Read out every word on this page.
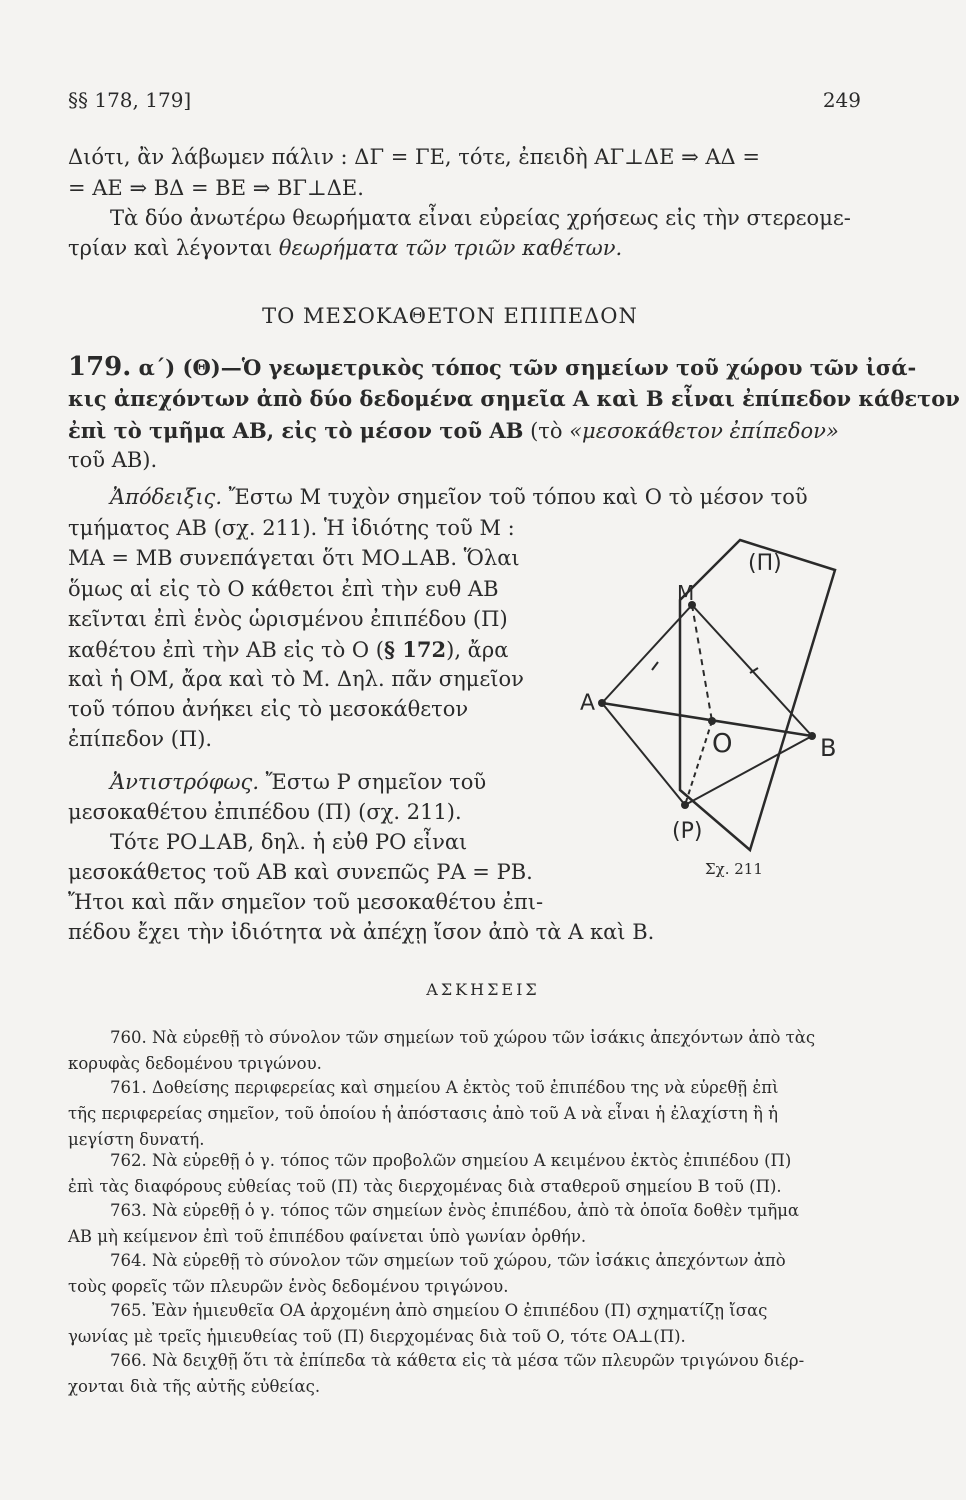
§§ 178, 179]	249
Διότι, ἂν λάβωμεν πάλιν : ΔΓ = ΓΕ, τότε, ἐπειδὴ ΑΓ⊥ΔΕ ⇒ ΑΔ =
= ΑΕ ⇒ ΒΔ = ΒΕ ⇒ ΒΓ⊥ΔΕ.
Τὰ δύο ἀνωτέρω θεωρήματα εἶναι εὐρείας χρήσεως εἰς τὴν στερεομε-
τρίαν καὶ λέγονται θεωρήματα τῶν τριῶν καθέτων.
ΤΟ ΜΕΣΟΚΑΘΕΤΟΝ ΕΠΙΠΕΔΟΝ
179. α΄) (Θ)—Ὁ γεωμετρικὸς τόπος τῶν σημείων τοῦ χώρου τῶν ἰσά-
κις ἀπεχόντων ἀπὸ δύο δεδομένα σημεῖα Α καὶ Β εἶναι ἐπίπεδον κάθετον
ἐπὶ τὸ τμῆμα ΑΒ, εἰς τὸ μέσον τοῦ ΑΒ (τὸ «μεσοκάθετον ἐπίπεδον»
τοῦ ΑΒ).
Ἀπόδειξις. Ἔστω Μ τυχὸν σημεῖον τοῦ τόπου καὶ Ο τὸ μέσον τοῦ
τμήματος ΑΒ (σχ. 211). Ἡ ἰδιότης τοῦ Μ :
ΜΑ = ΜΒ συνεπάγεται ὅτι ΜΟ⊥ΑΒ. Ὅλαι
ὅμως αἱ εἰς τὸ Ο κάθετοι ἐπὶ τὴν ευθ ΑΒ
κεῖνται ἐπὶ ἑνὸς ὡρισμένου ἐπιπέδου (Π)
καθέτου ἐπὶ τὴν ΑΒ εἰς τὸ Ο (§ 172), ἄρα
καὶ ἡ ΟΜ, ἄρα καὶ τὸ Μ. Δηλ. πᾶν σημεῖον
τοῦ τόπου ἀνήκει εἰς τὸ μεσοκάθετον
ἐπίπεδον (Π).
Ἀντιστρόφως. Ἔστω Ρ σημεῖον τοῦ
μεσοκαθέτου ἐπιπέδου (Π) (σχ. 211).
Τότε ΡΟ⊥ΑΒ, δηλ. ἡ εὐθ ΡΟ εἶναι
μεσοκάθετος τοῦ ΑΒ καὶ συνεπῶς ΡΑ = ΡΒ.
Ἤτοι καὶ πᾶν σημεῖον τοῦ μεσοκαθέτου ἐπι-
πέδου ἔχει τὴν ἰδιότητα νὰ ἀπέχῃ ἴσον ἀπὸ τὰ Α καὶ Β.
(Π)
Μ
Α
Β
Ο
(Ρ)
Σχ. 211
ΑΣΚΗΣΕΙΣ
760. Νὰ εὑρεθῇ τὸ σύνολον τῶν σημείων τοῦ χώρου τῶν ἰσάκις ἀπεχόντων ἀπὸ τὰς
κορυφὰς δεδομένου τριγώνου.
761. Δοθείσης περιφερείας καὶ σημείου Α ἐκτὸς τοῦ ἐπιπέδου της νὰ εὑρεθῇ ἐπὶ
τῆς περιφερείας σημεῖον, τοῦ ὁποίου ἡ ἀπόστασις ἀπὸ τοῦ Α νὰ εἶναι ἡ ἐλαχίστη ἢ ἡ
μεγίστη δυνατή.
762. Νὰ εὑρεθῇ ὁ γ. τόπος τῶν προβολῶν σημείου Α κειμένου ἐκτὸς ἐπιπέδου (Π)
ἐπὶ τὰς διαφόρους εὐθείας τοῦ (Π) τὰς διερχομένας διὰ σταθεροῦ σημείου Β τοῦ (Π).
763. Νὰ εὑρεθῇ ὁ γ. τόπος τῶν σημείων ἑνὸς ἐπιπέδου, ἀπὸ τὰ ὁποῖα δοθὲν τμῆμα
ΑΒ μὴ κείμενον ἐπὶ τοῦ ἐπιπέδου φαίνεται ὑπὸ γωνίαν ὀρθήν.
764. Νὰ εὑρεθῇ τὸ σύνολον τῶν σημείων τοῦ χώρου, τῶν ἰσάκις ἀπεχόντων ἀπὸ
τοὺς φορεῖς τῶν πλευρῶν ἑνὸς δεδομένου τριγώνου.
765. Ἐὰν ἡμιευθεῖα ΟΑ ἀρχομένη ἀπὸ σημείου Ο ἐπιπέδου (Π) σχηματίζῃ ἴσας
γωνίας μὲ τρεῖς ἡμιευθείας τοῦ (Π) διερχομένας διὰ τοῦ Ο, τότε ΟΑ⊥(Π).
766. Νὰ δειχθῇ ὅτι τὰ ἐπίπεδα τὰ κάθετα εἰς τὰ μέσα τῶν πλευρῶν τριγώνου διέρ-
χονται διὰ τῆς αὐτῆς εὐθείας.
